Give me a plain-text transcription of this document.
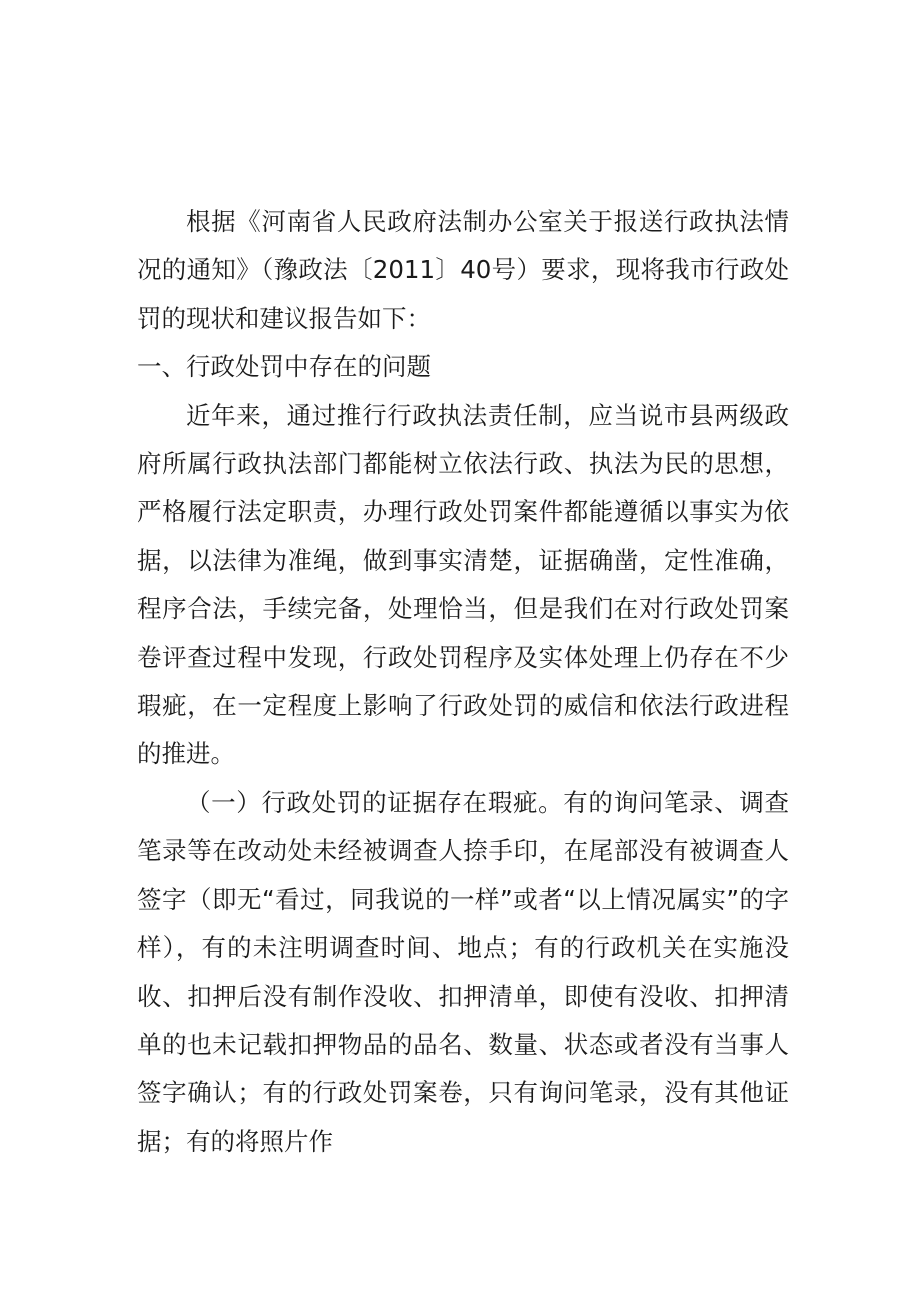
根据《河南省人民政府法制办公室关于报送行政执法情况的通知》（豫政法〔2011〕40号）要求，现将我市行政处罚的现状和建议报告如下：

一、行政处罚中存在的问题

近年来，通过推行行政执法责任制，应当说市县两级政府所属行政执法部门都能树立依法行政、执法为民的思想，严格履行法定职责，办理行政处罚案件都能遵循以事实为依据，以法律为准绳，做到事实清楚，证据确凿，定性准确，程序合法，手续完备，处理恰当，但是我们在对行政处罚案卷评查过程中发现，行政处罚程序及实体处理上仍存在不少瑕疵，在一定程度上影响了行政处罚的威信和依法行政进程的推进。

（一）行政处罚的证据存在瑕疵。有的询问笔录、调查笔录等在改动处未经被调查人捺手印，在尾部没有被调查人签字（即无“看过，同我说的一样”或者“以上情况属实”的字样），有的未注明调查时间、地点；有的行政机关在实施没收、扣押后没有制作没收、扣押清单，即使有没收、扣押清单的也未记载扣押物品的品名、数量、状态或者没有当事人签字确认；有的行政处罚案卷，只有询问笔录，没有其他证据；有的将照片作
